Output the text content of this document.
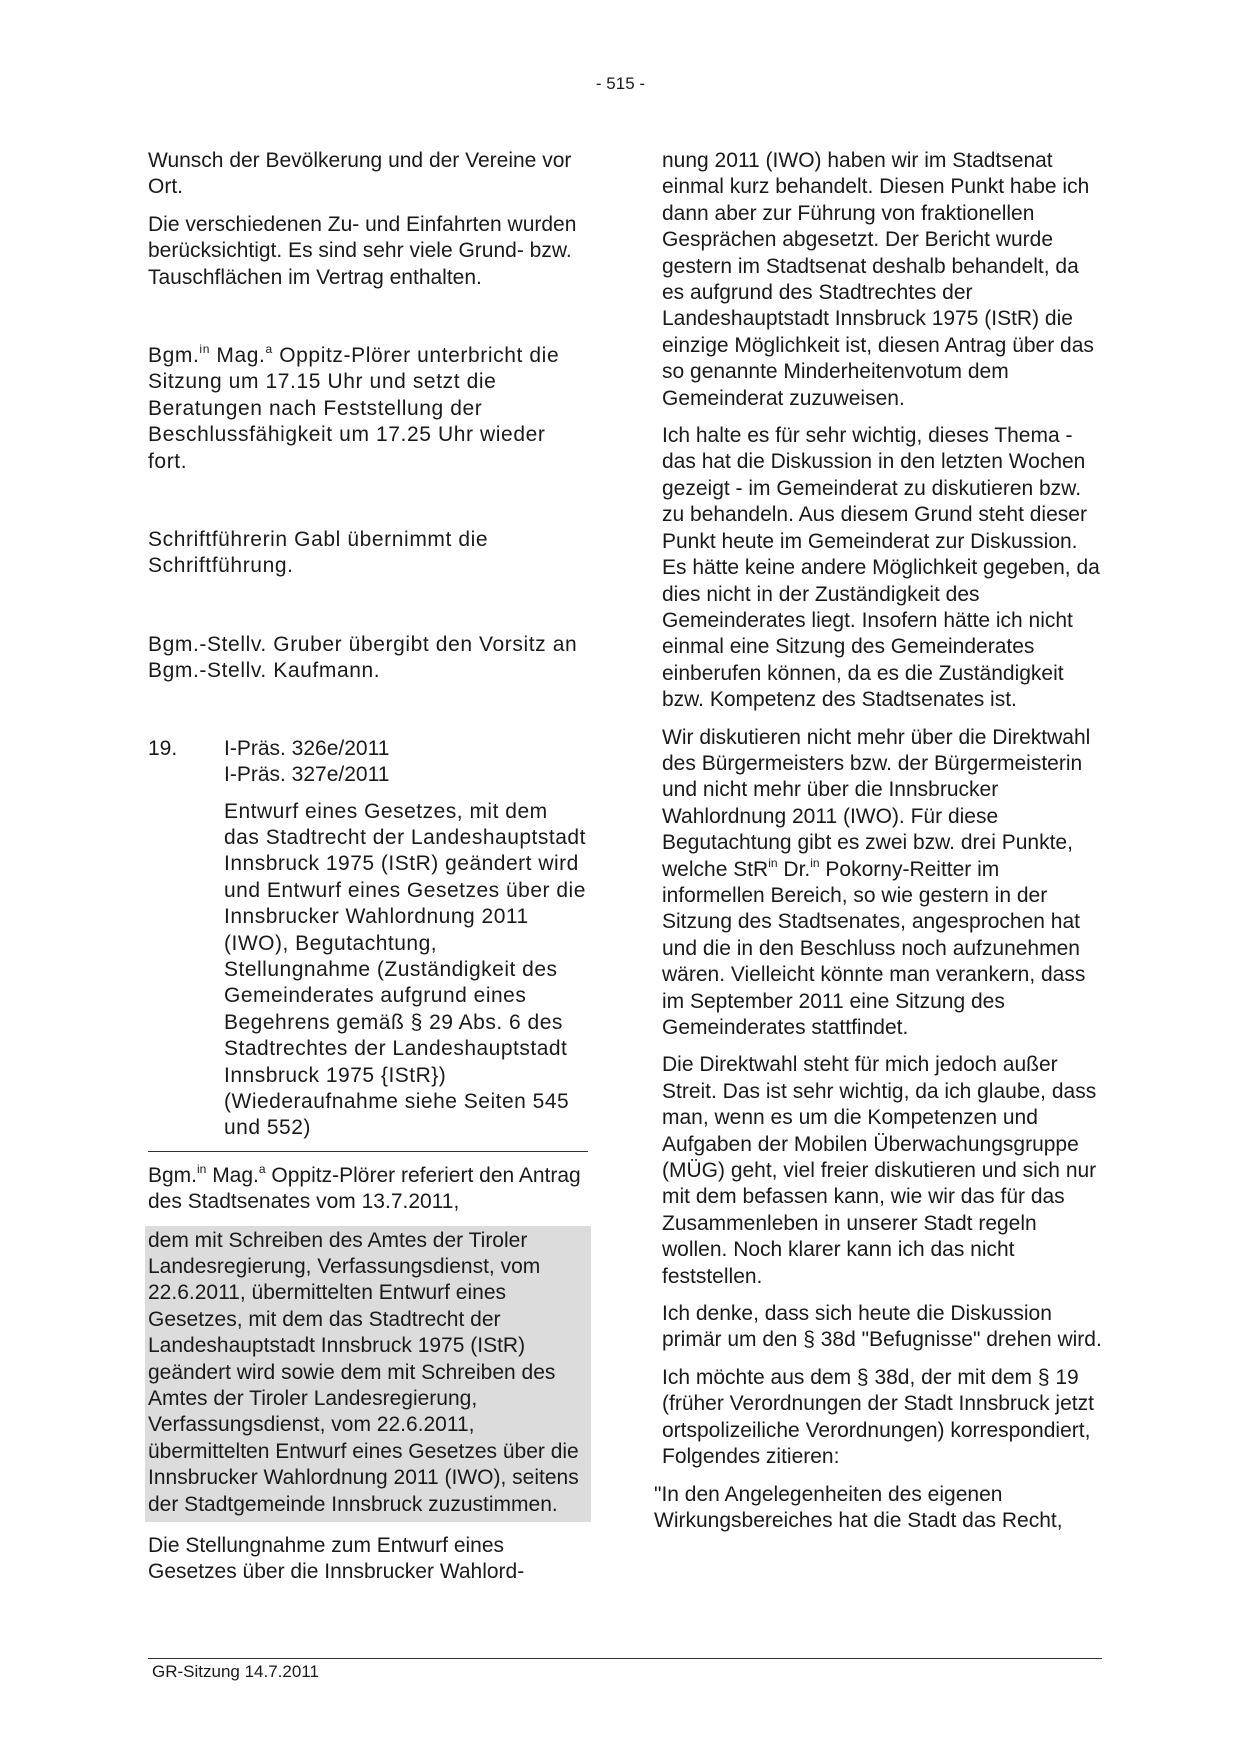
- 515 -

Wunsch der Bevölkerung und der Vereine vor Ort.

Die verschiedenen Zu- und Einfahrten wurden berücksichtigt. Es sind sehr viele Grund- bzw. Tauschflächen im Vertrag enthalten.

Bgm.$^{in}$ Mag.$^a$ Oppitz-Plörer unterbricht die Sitzung um 17.15 Uhr und setzt die Beratungen nach Feststellung der Beschlussfähigkeit um 17.25 Uhr wieder fort.

Schriftführerin Gabl übernimmt die Schriftführung.

Bgm.-Stellv. Gruber übergibt den Vorsitz an Bgm.-Stellv. Kaufmann.

19.	I-Präs. 326e/2011
I-Präs. 327e/2011
Entwurf eines Gesetzes, mit dem das Stadtrecht der Landeshauptstadt Innsbruck 1975 (IStR) geändert wird und Entwurf eines Gesetzes über die Innsbrucker Wahlordnung 2011 (IWO), Begutachtung, Stellungnahme (Zuständigkeit des Gemeinderates aufgrund eines Begehrens gemäß § 29 Abs. 6 des Stadtrechtes der Landeshauptstadt Innsbruck 1975 {IStR}) (Wiederaufnahme siehe Seiten 545 und 552)

Bgm.$^{in}$ Mag.$^a$ Oppitz-Plörer referiert den Antrag des Stadtsenates vom 13.7.2011,

dem mit Schreiben des Amtes der Tiroler Landesregierung, Verfassungsdienst, vom 22.6.2011, übermittelten Entwurf eines Gesetzes, mit dem das Stadtrecht der Landeshauptstadt Innsbruck 1975 (IStR) geändert wird sowie dem mit Schreiben des Amtes der Tiroler Landesregierung, Verfassungsdienst, vom 22.6.2011, übermittelten Entwurf eines Gesetzes über die Innsbrucker Wahlordnung 2011 (IWO), seitens der Stadtgemeinde Innsbruck zuzustimmen.

Die Stellungnahme zum Entwurf eines Gesetzes über die Innsbrucker Wahlord-

nung 2011 (IWO) haben wir im Stadtsenat einmal kurz behandelt. Diesen Punkt habe ich dann aber zur Führung von fraktionellen Gesprächen abgesetzt. Der Bericht wurde gestern im Stadtsenat deshalb behandelt, da es aufgrund des Stadtrechtes der Landeshauptstadt Innsbruck 1975 (IStR) die einzige Möglichkeit ist, diesen Antrag über das so genannte Minderheitenvotum dem Gemeinderat zuzuweisen.

Ich halte es für sehr wichtig, dieses Thema - das hat die Diskussion in den letzten Wochen gezeigt - im Gemeinderat zu diskutieren bzw. zu behandeln. Aus diesem Grund steht dieser Punkt heute im Gemeinderat zur Diskussion. Es hätte keine andere Möglichkeit gegeben, da dies nicht in der Zuständigkeit des Gemeinderates liegt. Insofern hätte ich nicht einmal eine Sitzung des Gemeinderates einberufen können, da es die Zuständigkeit bzw. Kompetenz des Stadtsenates ist.

Wir diskutieren nicht mehr über die Direktwahl des Bürgermeisters bzw. der Bürgermeisterin und nicht mehr über die Innsbrucker Wahlordnung 2011 (IWO). Für diese Begutachtung gibt es zwei bzw. drei Punkte, welche StR$^{in}$ Dr.$^{in}$ Pokorny-Reitter im informellen Bereich, so wie gestern in der Sitzung des Stadtsenates, angesprochen hat und die in den Beschluss noch aufzunehmen wären. Vielleicht könnte man verankern, dass im September 2011 eine Sitzung des Gemeinderates stattfindet.

Die Direktwahl steht für mich jedoch außer Streit. Das ist sehr wichtig, da ich glaube, dass man, wenn es um die Kompetenzen und Aufgaben der Mobilen Überwachungsgruppe (MÜG) geht, viel freier diskutieren und sich nur mit dem befassen kann, wie wir das für das Zusammenleben in unserer Stadt regeln wollen. Noch klarer kann ich das nicht feststellen.

Ich denke, dass sich heute die Diskussion primär um den § 38d "Befugnisse" drehen wird.

Ich möchte aus dem § 38d, der mit dem § 19 (früher Verordnungen der Stadt Innsbruck jetzt ortspolizeiliche Verordnungen) korrespondiert, Folgendes zitieren:

"In den Angelegenheiten des eigenen Wirkungsbereiches hat die Stadt das Recht,

GR-Sitzung 14.7.2011
